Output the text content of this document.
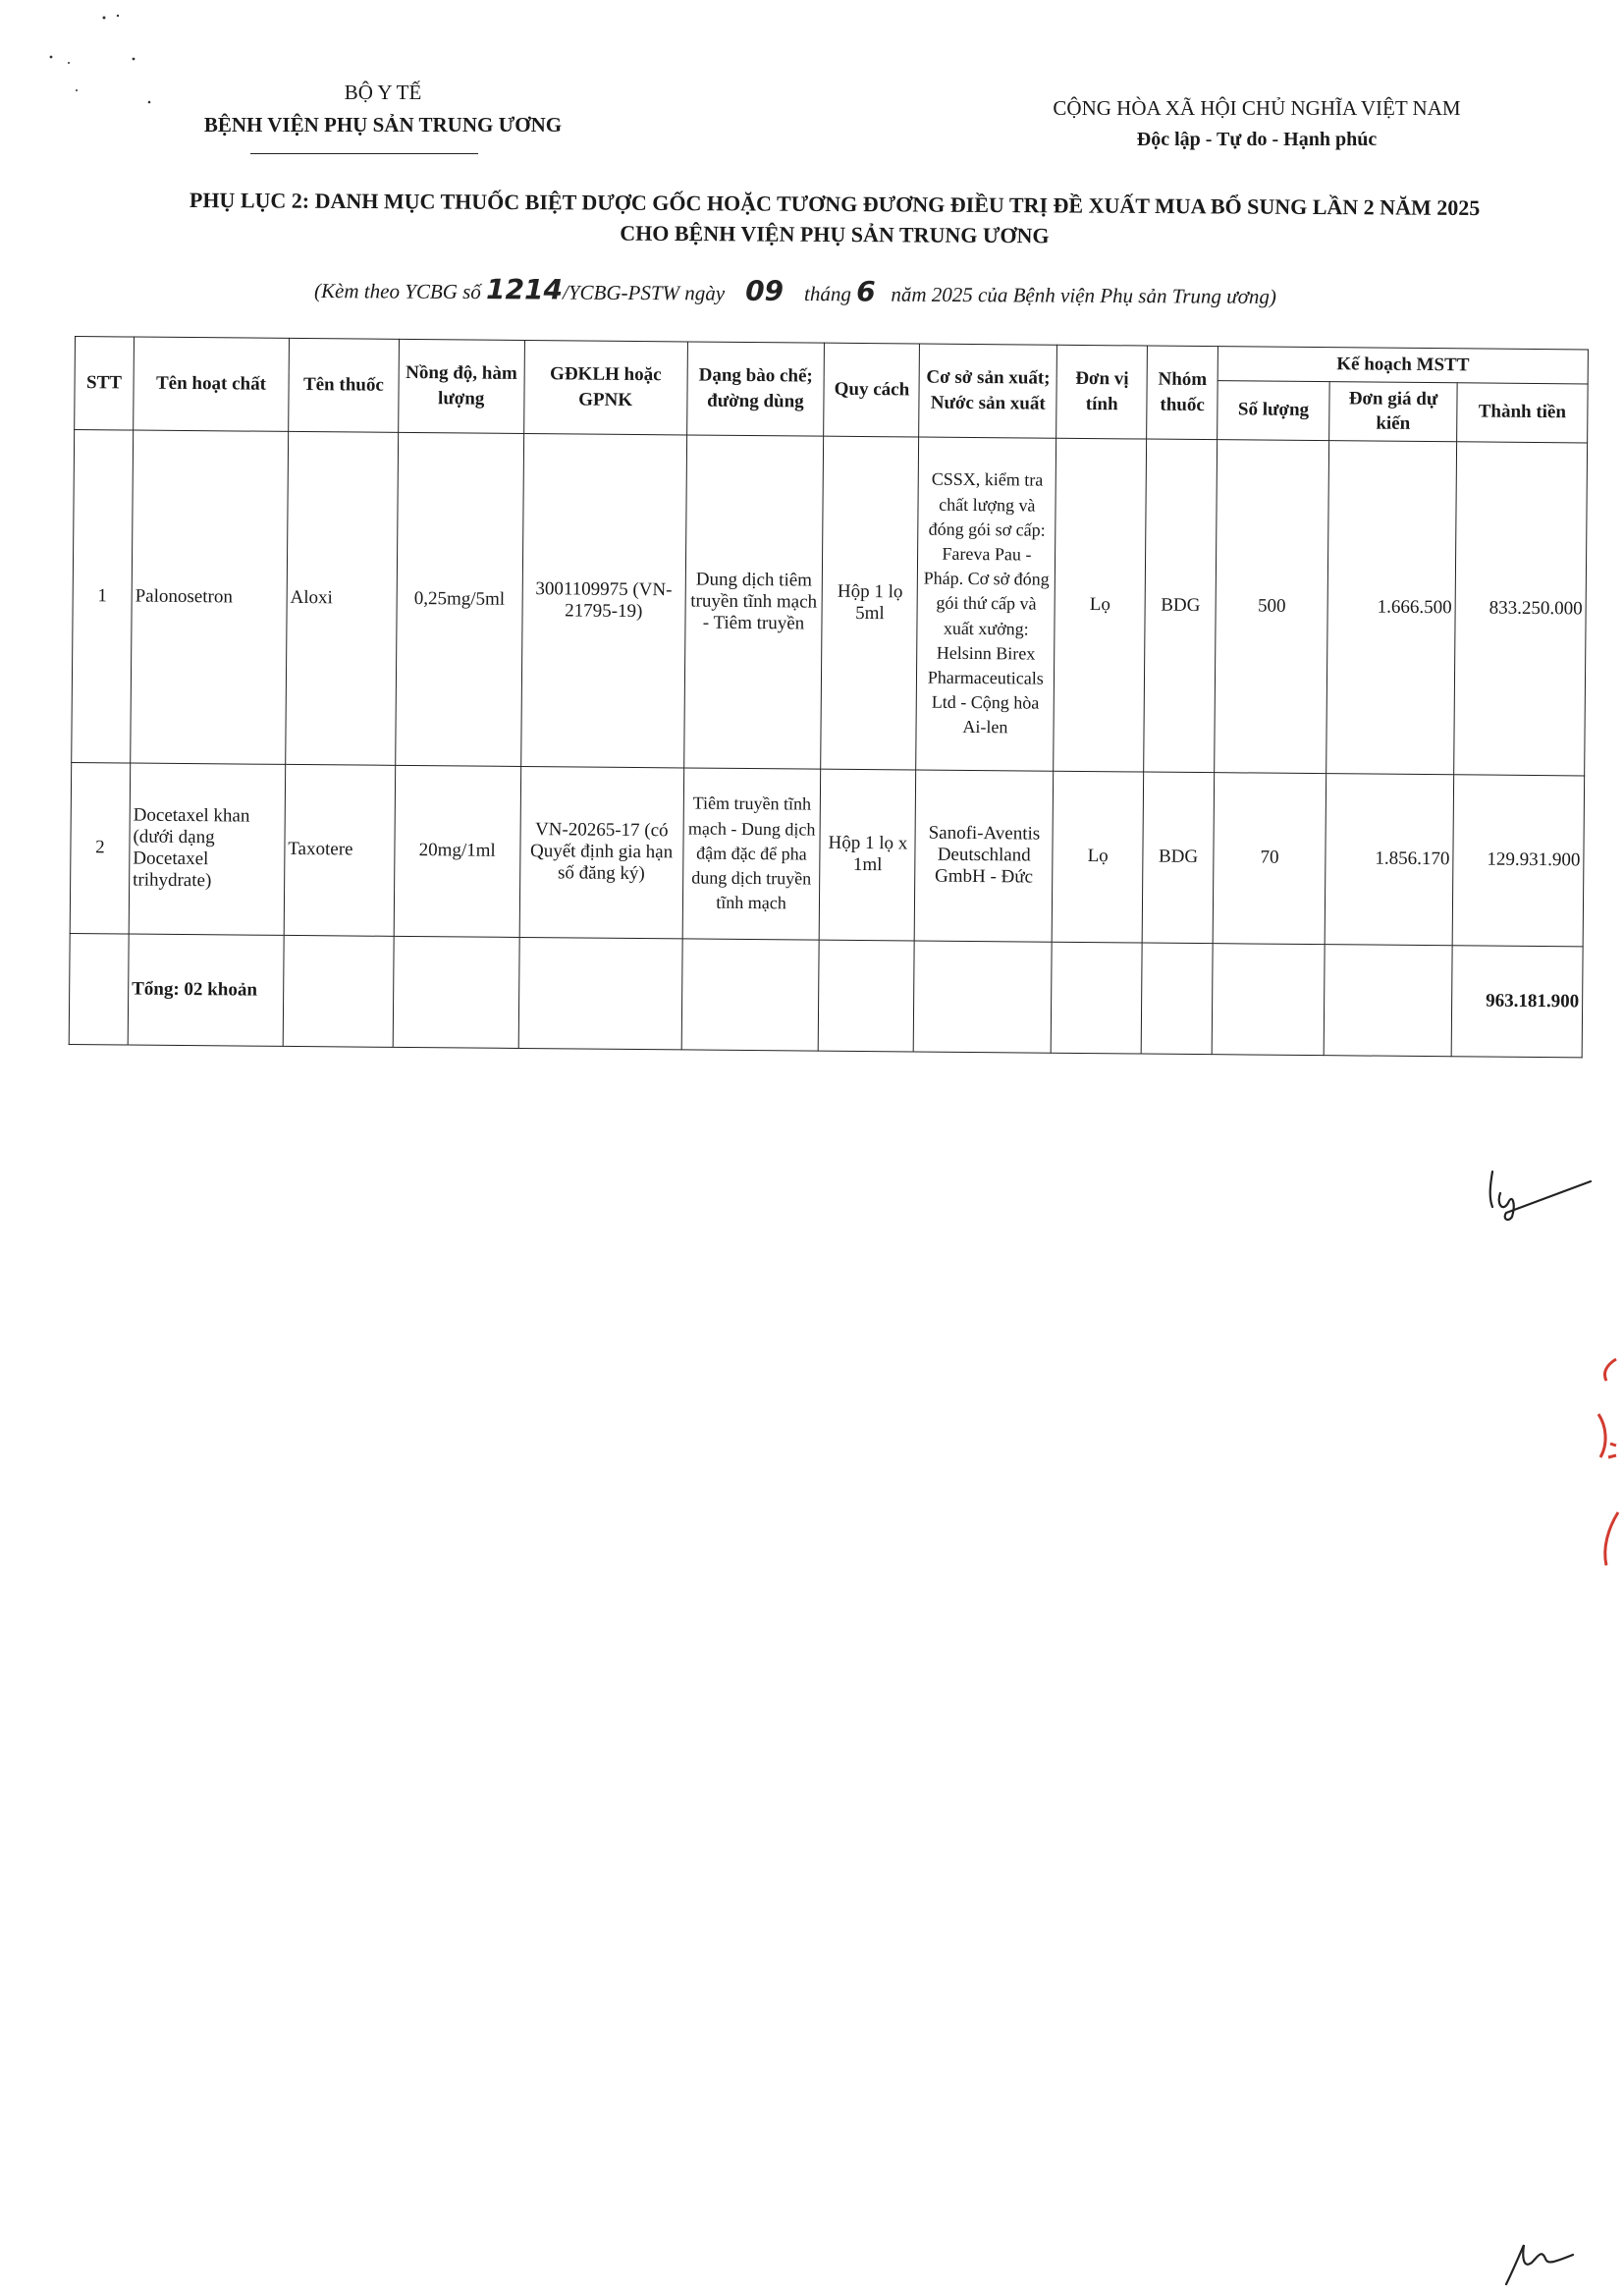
BỘ Y TẾ
BỆNH VIỆN PHỤ SẢN TRUNG ƯƠNG
CỘNG HÒA XÃ HỘI CHỦ NGHĨA VIỆT NAM
Độc lập - Tự do - Hạnh phúc
PHỤ LỤC 2: DANH MỤC THUỐC BIỆT DƯỢC GỐC HOẶC TƯƠNG ĐƯƠNG ĐIỀU TRỊ ĐỀ XUẤT MUA BỔ SUNG LẦN 2 NĂM 2025
CHO BỆNH VIỆN PHỤ SẢN TRUNG ƯƠNG
(Kèm theo YCBG số 1214/YCBG-PSTW ngày    09    tháng 6   năm 2025 của Bệnh viện Phụ sản Trung ương)
STT	Tên hoạt chất	Tên thuốc	Nồng độ, hàm lượng	GĐKLH hoặc GPNK	Dạng bào chế; đường dùng	Quy cách	Cơ sở sản xuất; Nước sản xuất	Đơn vị tính	Nhóm thuốc	Kế hoạch MSTT		
										Số lượng	Đơn giá dự kiến	Thành tiền
1	Palonosetron	Aloxi	0,25mg/5ml	3001109975 (VN-21795-19)	Dung dịch tiêm truyền tĩnh mạch - Tiêm truyền	Hộp 1 lọ 5ml	CSSX, kiểm tra chất lượng và đóng gói sơ cấp: Fareva Pau - Pháp. Cơ sở đóng gói thứ cấp và xuất xưởng: Helsinn Birex Pharmaceuticals Ltd - Cộng hòa Ai-len	Lọ	BDG	500	1.666.500	833.250.000
2	Docetaxel khan (dưới dạng Docetaxel trihydrate)	Taxotere	20mg/1ml	VN-20265-17 (có Quyết định gia hạn số đăng ký)	Tiêm truyền tĩnh mạch - Dung dịch đậm đặc để pha dung dịch truyền tĩnh mạch	Hộp 1 lọ x 1ml	Sanofi-Aventis Deutschland GmbH - Đức	Lọ	BDG	70	1.856.170	129.931.900
	Tổng: 02 khoản											963.181.900
